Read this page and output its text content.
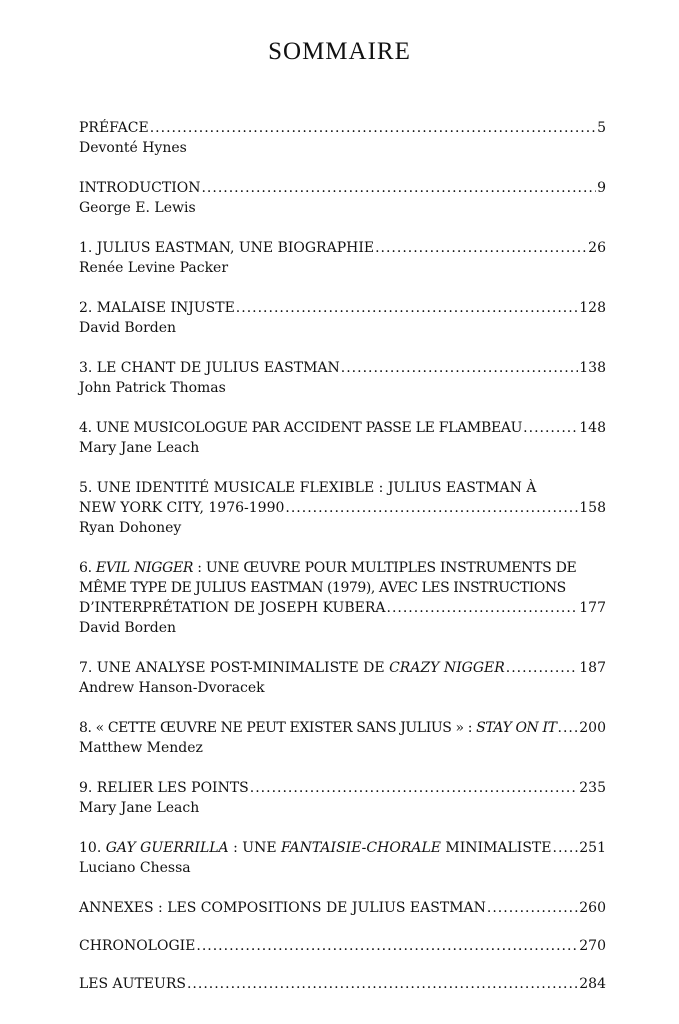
SOMMAIRE
PRÉFACE .....	5
Devonté Hynes
INTRODUCTION .....	9
George E. Lewis
1. JULIUS EASTMAN, UNE BIOGRAPHIE .....	26
Renée Levine Packer
2. MALAISE INJUSTE .....	128
David Borden
3. LE CHANT DE JULIUS EASTMAN .....	138
John Patrick Thomas
4. UNE MUSICOLOGUE PAR ACCIDENT PASSE LE FLAMBEAU .....	148
Mary Jane Leach
5. UNE IDENTITÉ MUSICALE FLEXIBLE : JULIUS EASTMAN À
NEW YORK CITY, 1976-1990 .....	158
Ryan Dohoney
6. EVIL NIGGER : UNE ŒUVRE POUR MULTIPLES INSTRUMENTS DE
MÊME TYPE DE JULIUS EASTMAN (1979), AVEC LES INSTRUCTIONS
D’INTERPRÉTATION DE JOSEPH KUBERA .....	177
David Borden
7. UNE ANALYSE POST-MINIMALISTE DE CRAZY NIGGER .....	187
Andrew Hanson-Dvoracek
8. « CETTE ŒUVRE NE PEUT EXISTER SANS JULIUS » : STAY ON IT ..... 200
Matthew Mendez
9. RELIER LES POINTS .....	235
Mary Jane Leach
10. GAY GUERRILLA : UNE FANTAISIE-CHORALE MINIMALISTE ..... 251
Luciano Chessa
ANNEXES : LES COMPOSITIONS DE JULIUS EASTMAN .....	260
CHRONOLOGIE .....	270
LES AUTEURS .....	284
